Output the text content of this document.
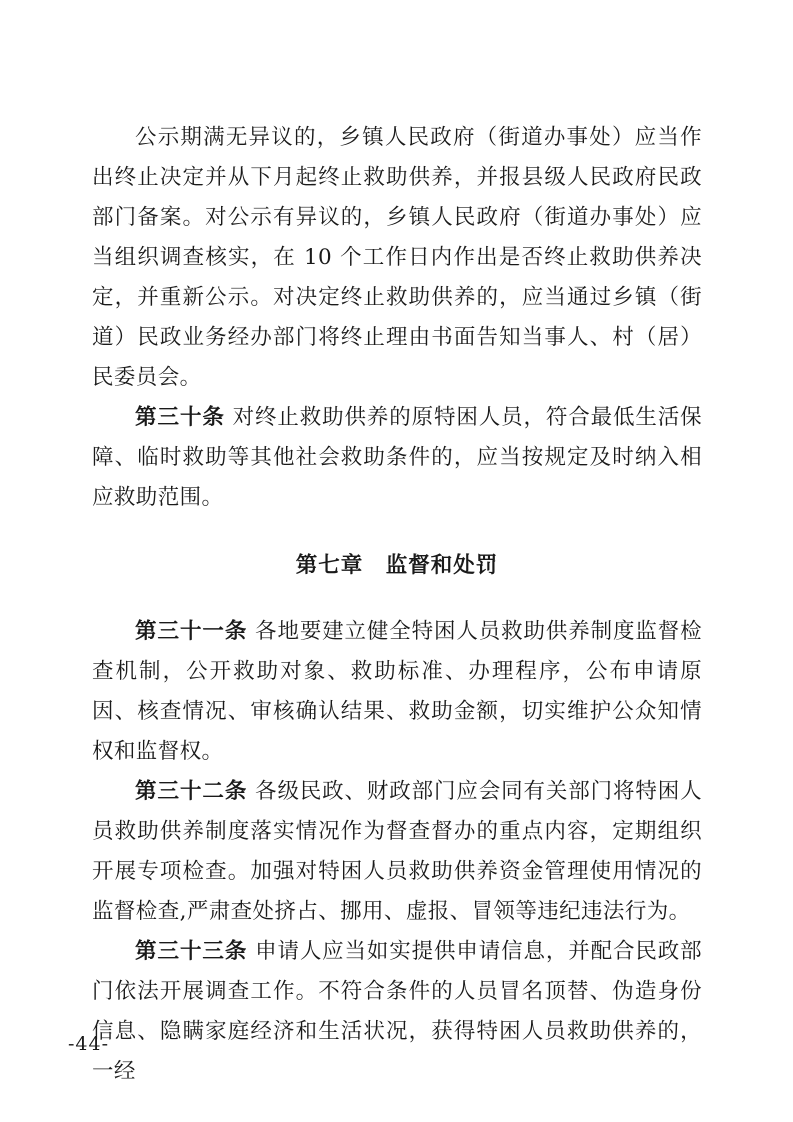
公示期满无异议的，乡镇人民政府（街道办事处）应当作出终止决定并从下月起终止救助供养，并报县级人民政府民政部门备案。对公示有异议的，乡镇人民政府（街道办事处）应当组织调查核实，在 10 个工作日内作出是否终止救助供养决定，并重新公示。对决定终止救助供养的，应当通过乡镇（街道）民政业务经办部门将终止理由书面告知当事人、村（居）民委员会。

第三十条 对终止救助供养的原特困人员，符合最低生活保障、临时救助等其他社会救助条件的，应当按规定及时纳入相应救助范围。

第七章　监督和处罚

第三十一条 各地要建立健全特困人员救助供养制度监督检查机制，公开救助对象、救助标准、办理程序，公布申请原因、核查情况、审核确认结果、救助金额，切实维护公众知情权和监督权。

第三十二条 各级民政、财政部门应会同有关部门将特困人员救助供养制度落实情况作为督查督办的重点内容，定期组织开展专项检查。加强对特困人员救助供养资金管理使用情况的监督检查,严肃查处挤占、挪用、虚报、冒领等违纪违法行为。

第三十三条 申请人应当如实提供申请信息，并配合民政部门依法开展调查工作。不符合条件的人员冒名顶替、伪造身份信息、隐瞒家庭经济和生活状况，获得特困人员救助供养的，一经

-44-
